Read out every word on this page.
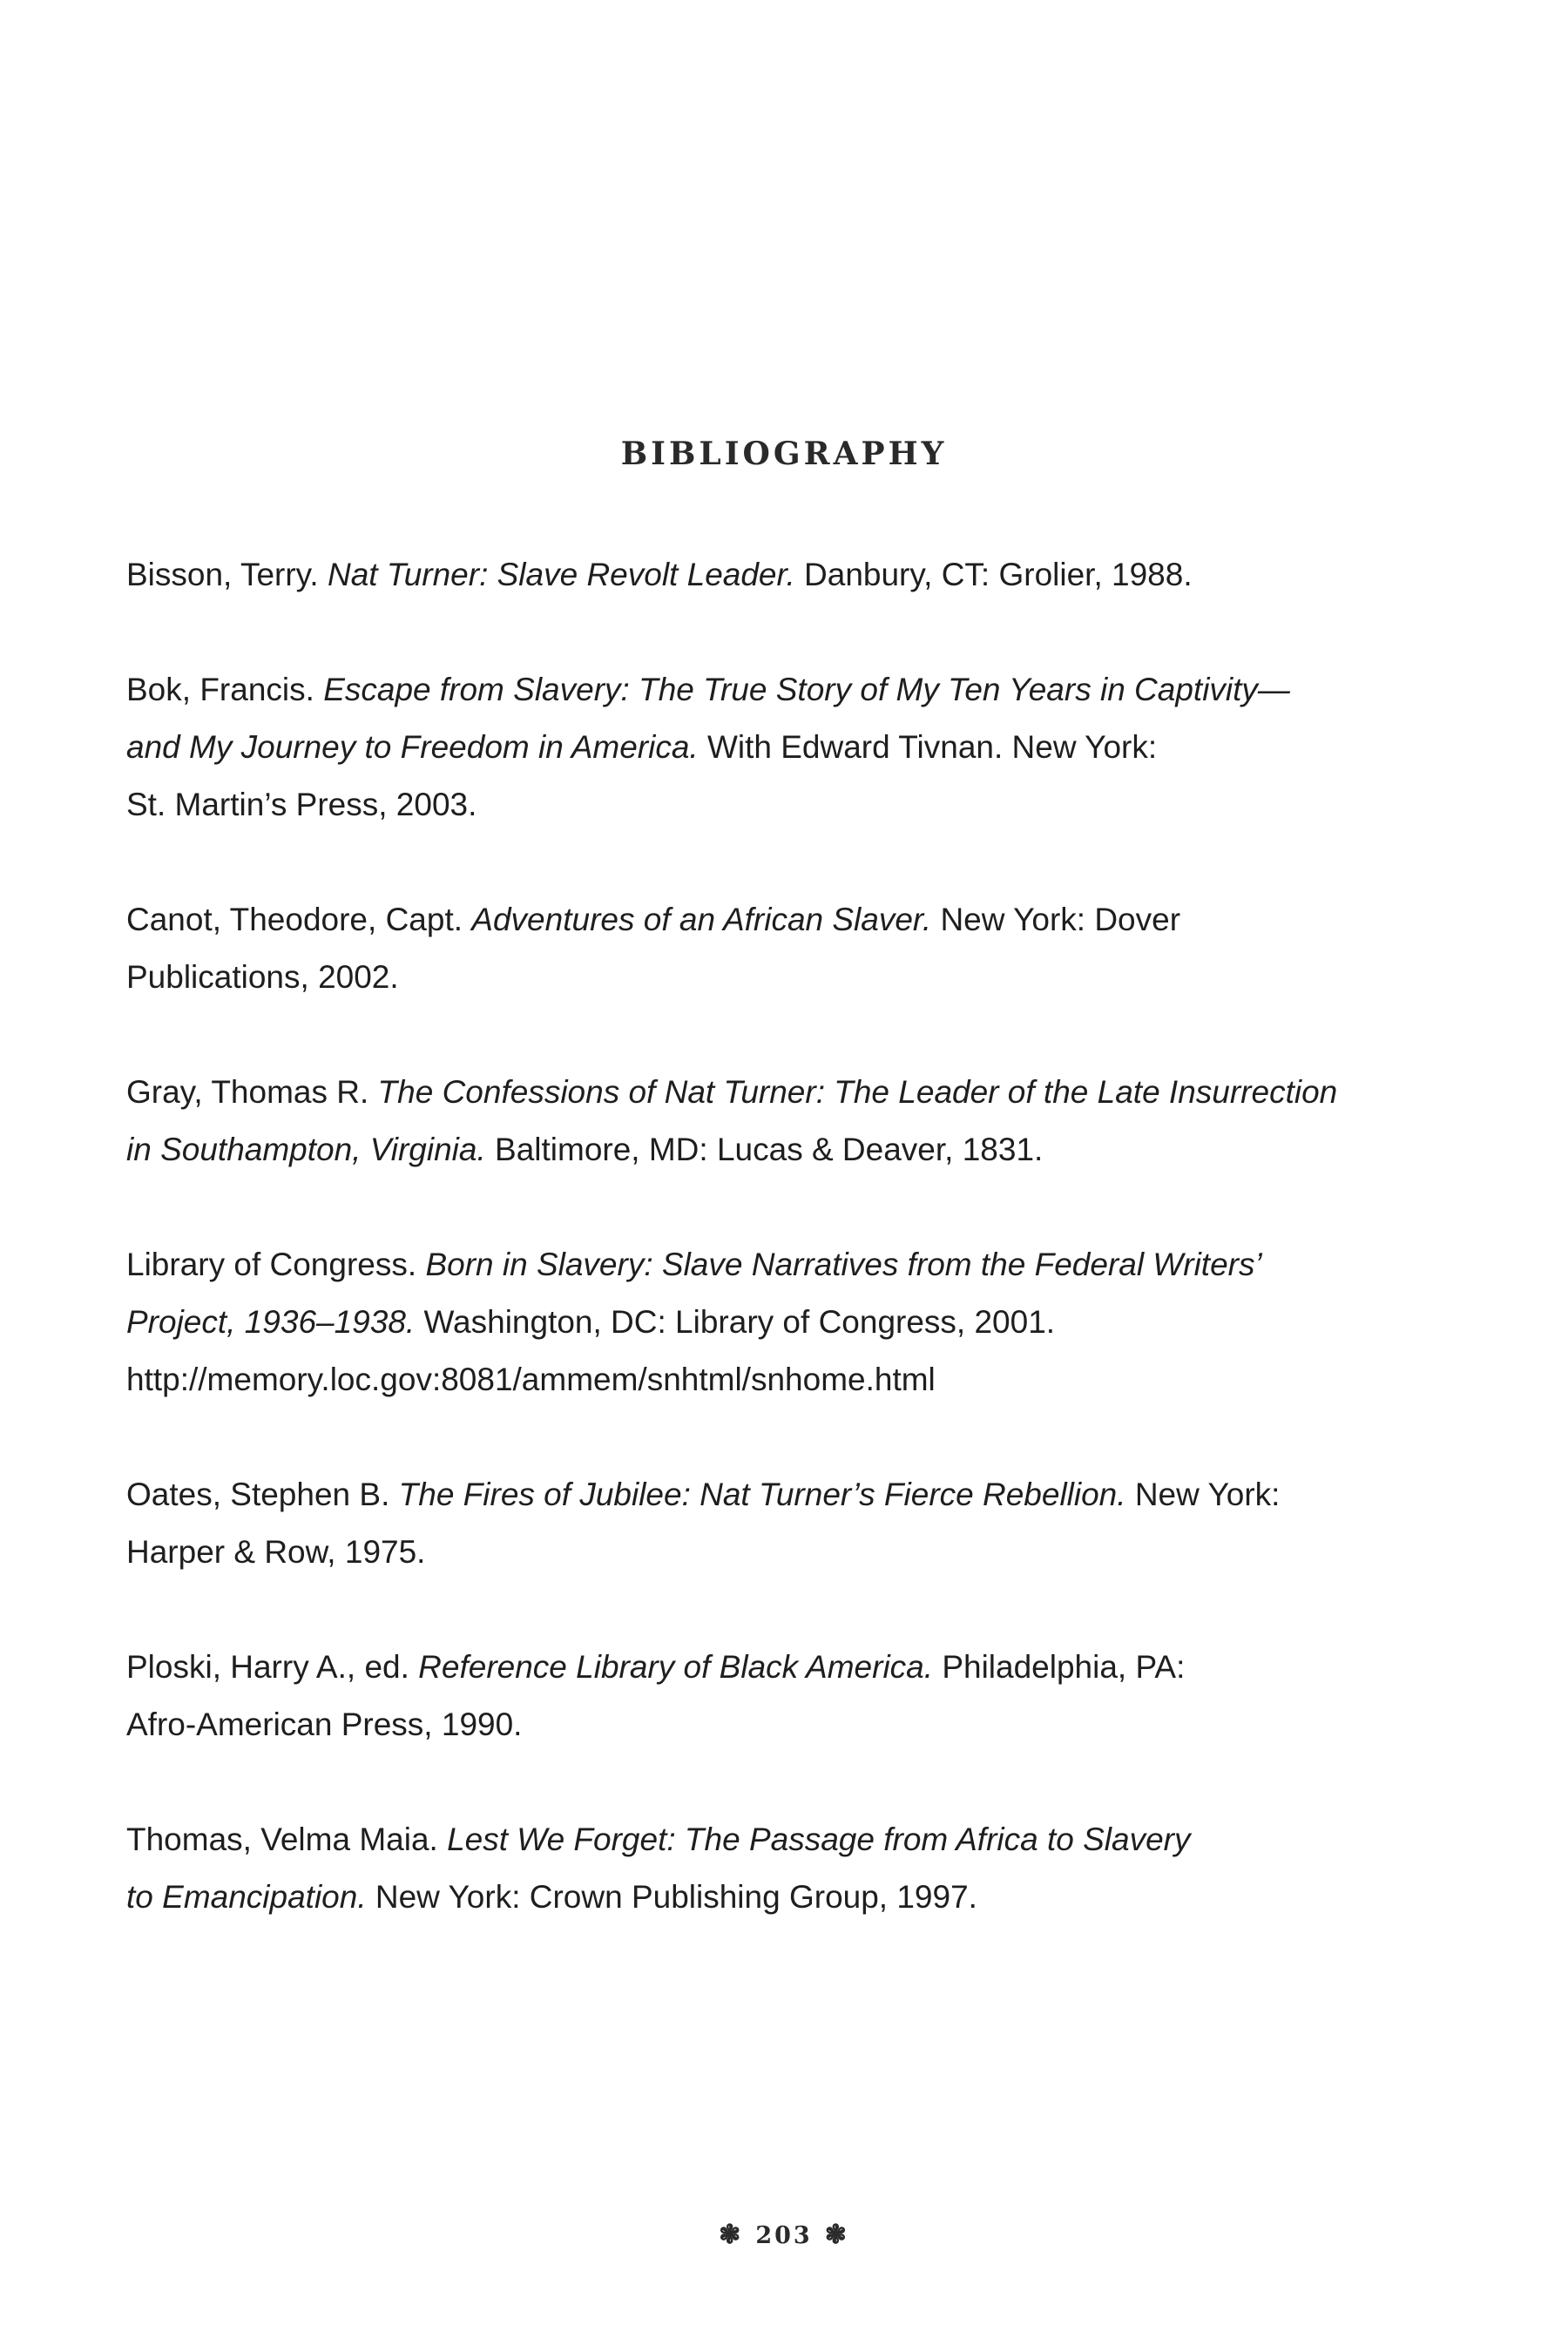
BIBLIOGRAPHY

Bisson, Terry. Nat Turner: Slave Revolt Leader. Danbury, CT: Grolier, 1988.

Bok, Francis. Escape from Slavery: The True Story of My Ten Years in Captivity—
and My Journey to Freedom in America. With Edward Tivnan. New York:
St. Martin’s Press, 2003.

Canot, Theodore, Capt. Adventures of an African Slaver. New York: Dover
Publications, 2002.

Gray, Thomas R. The Confessions of Nat Turner: The Leader of the Late Insurrection
in Southampton, Virginia. Baltimore, MD: Lucas & Deaver, 1831.

Library of Congress. Born in Slavery: Slave Narratives from the Federal Writers’
Project, 1936–1938. Washington, DC: Library of Congress, 2001.
http://memory.loc.gov:8081/ammem/snhtml/snhome.html

Oates, Stephen B. The Fires of Jubilee: Nat Turner’s Fierce Rebellion. New York:
Harper & Row, 1975.

Ploski, Harry A., ed. Reference Library of Black America. Philadelphia, PA:
Afro-American Press, 1990.

Thomas, Velma Maia. Lest We Forget: The Passage from Africa to Slavery
to Emancipation. New York: Crown Publishing Group, 1997.

❃ 203 ❃
